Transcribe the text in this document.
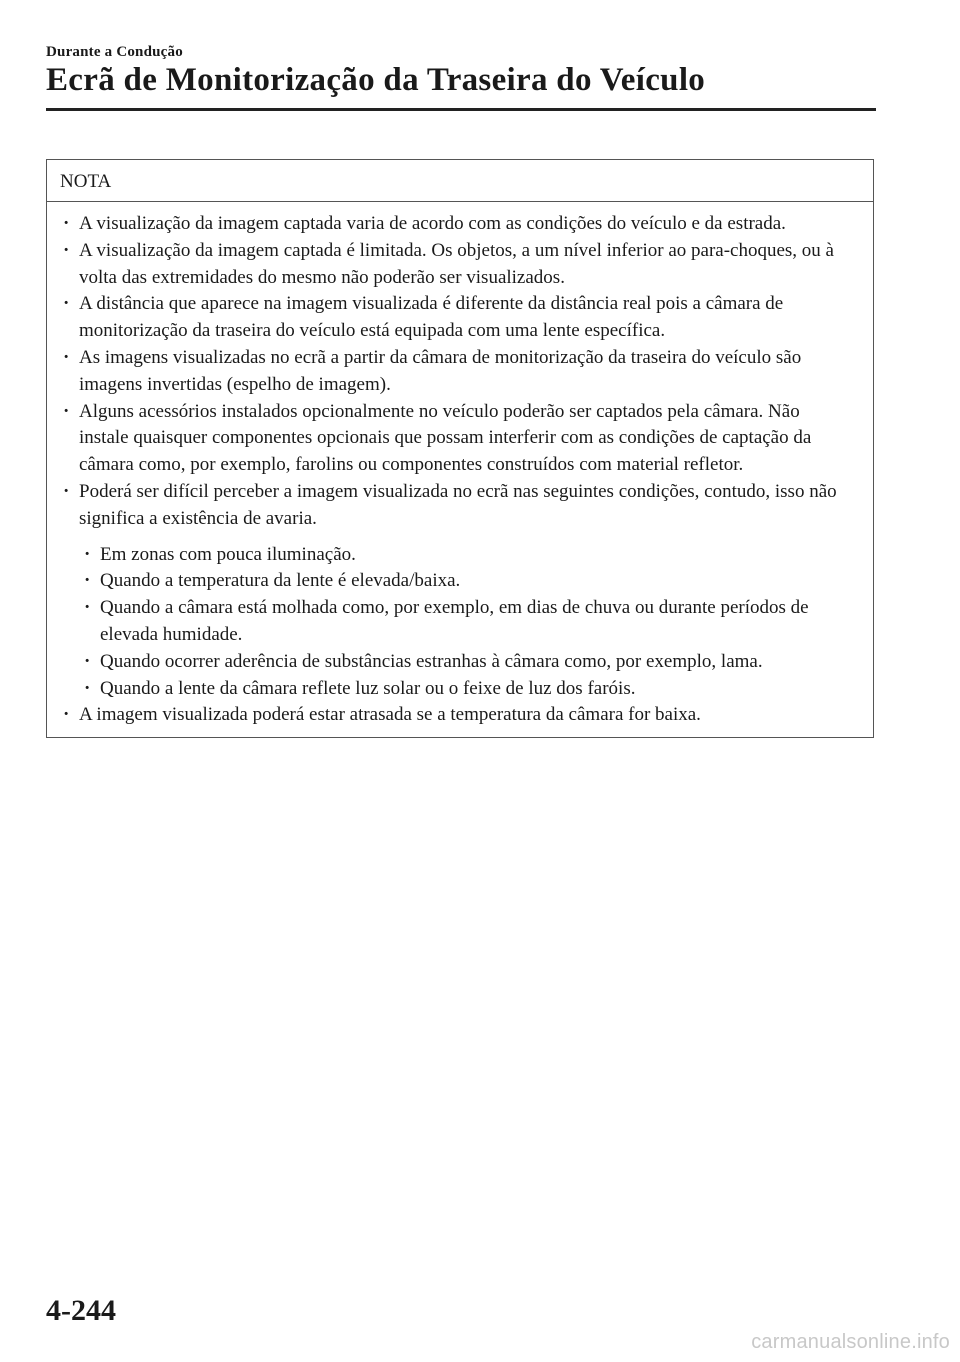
Durante a Condução
Ecrã de Monitorização da Traseira do Veículo
NOTA
· A visualização da imagem captada varia de acordo com as condições do veículo e da estrada.
· A visualização da imagem captada é limitada. Os objetos, a um nível inferior ao para-choques, ou à volta das extremidades do mesmo não poderão ser visualizados.
· A distância que aparece na imagem visualizada é diferente da distância real pois a câmara de monitorização da traseira do veículo está equipada com uma lente específica.
· As imagens visualizadas no ecrã a partir da câmara de monitorização da traseira do veículo são imagens invertidas (espelho de imagem).
· Alguns acessórios instalados opcionalmente no veículo poderão ser captados pela câmara. Não instale quaisquer componentes opcionais que possam interferir com as condições de captação da câmara como, por exemplo, farolins ou componentes construídos com material refletor.
· Poderá ser difícil perceber a imagem visualizada no ecrã nas seguintes condições, contudo, isso não significa a existência de avaria.
· Em zonas com pouca iluminação.
· Quando a temperatura da lente é elevada/baixa.
· Quando a câmara está molhada como, por exemplo, em dias de chuva ou durante períodos de elevada humidade.
· Quando ocorrer aderência de substâncias estranhas à câmara como, por exemplo, lama.
· Quando a lente da câmara reflete luz solar ou o feixe de luz dos faróis.
· A imagem visualizada poderá estar atrasada se a temperatura da câmara for baixa.
4-244
carmanualsonline.info
